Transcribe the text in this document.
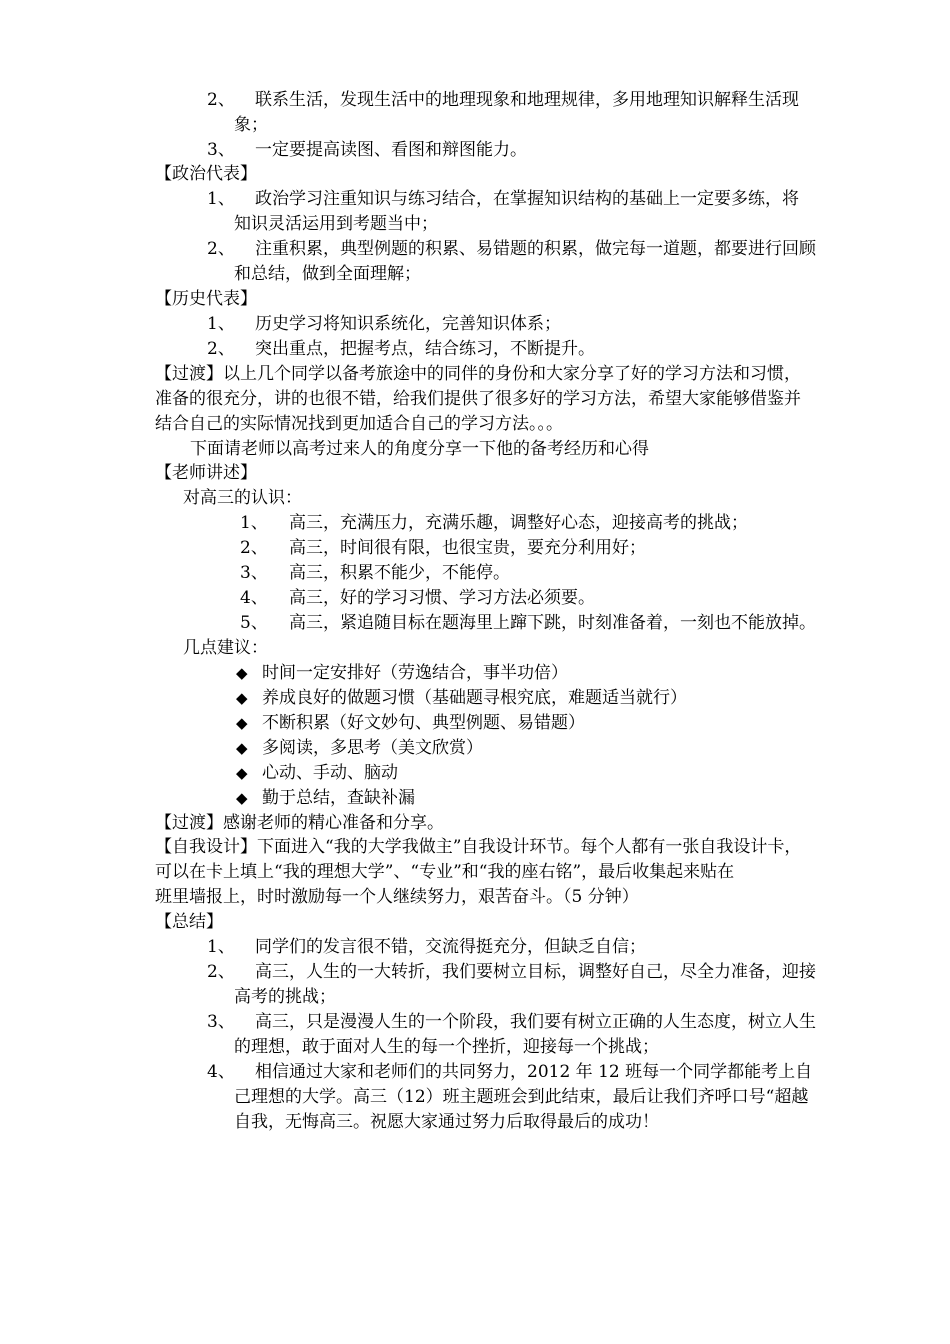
2、 联系生活，发现生活中的地理现象和地理规律，多用地理知识解释生活现
象；
3、 一定要提高读图、看图和辩图能力。
【政治代表】
1、 政治学习注重知识与练习结合，在掌握知识结构的基础上一定要多练，将
知识灵活运用到考题当中；
2、 注重积累，典型例题的积累、易错题的积累，做完每一道题，都要进行回顾
和总结，做到全面理解；
【历史代表】
1、 历史学习将知识系统化，完善知识体系；
2、 突出重点，把握考点，结合练习，不断提升。
【过渡】以上几个同学以备考旅途中的同伴的身份和大家分享了好的学习方法和习惯，
准备的很充分，讲的也很不错，给我们提供了很多好的学习方法，希望大家能够借鉴并
结合自己的实际情况找到更加适合自己的学习方法。。。
下面请老师以高考过来人的角度分享一下他的备考经历和心得
【老师讲述】
对高三的认识：
1、 高三，充满压力，充满乐趣，调整好心态，迎接高考的挑战；
2、 高三，时间很有限，也很宝贵，要充分利用好；
3、 高三，积累不能少，不能停。
4、 高三，好的学习习惯、学习方法必须要。
5、 高三，紧追随目标在题海里上蹿下跳，时刻准备着，一刻也不能放掉。
几点建议：
◆ 时间一定安排好（劳逸结合，事半功倍）
◆ 养成良好的做题习惯（基础题寻根究底，难题适当就行）
◆ 不断积累（好文妙句、典型例题、易错题）
◆ 多阅读，多思考（美文欣赏）
◆ 心动、手动、脑动
◆ 勤于总结，查缺补漏
【过渡】感谢老师的精心准备和分享。
【自我设计】下面进入“我的大学我做主”自我设计环节。每个人都有一张自我设计卡，
可以在卡上填上“我的理想大学”、“专业”和“我的座右铭”，最后收集起来贴在
班里墙报上，时时激励每一个人继续努力，艰苦奋斗。（5 分钟）
【总结】
1、 同学们的发言很不错，交流得挺充分，但缺乏自信；
2、 高三，人生的一大转折，我们要树立目标，调整好自己，尽全力准备，迎接
高考的挑战；
3、 高三，只是漫漫人生的一个阶段，我们要有树立正确的人生态度，树立人生
的理想，敢于面对人生的每一个挫折，迎接每一个挑战；
4、 相信通过大家和老师们的共同努力，2012 年 12 班每一个同学都能考上自
己理想的大学。高三（12）班主题班会到此结束，最后让我们齐呼口号“超越
自我，无悔高三。祝愿大家通过努力后取得最后的成功！
